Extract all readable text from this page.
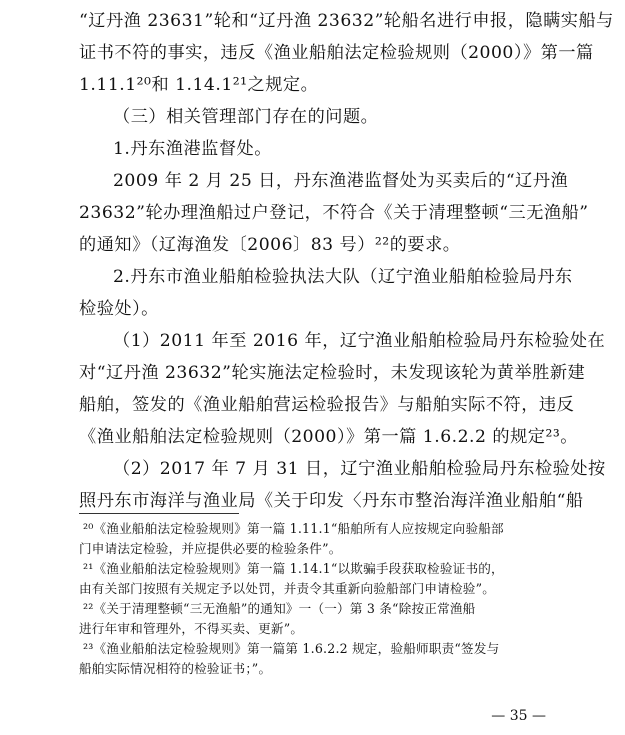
“辽丹渔 23631”轮和“辽丹渔 23632”轮船名进行申报，隐瞒实船与
证书不符的事实，违反《渔业船舶法定检验规则（2000）》第一篇
1.11.1²⁰和 1.14.1²¹之规定。
（三）相关管理部门存在的问题。
1.丹东渔港监督处。
2009 年 2 月 25 日，丹东渔港监督处为买卖后的“辽丹渔
23632”轮办理渔船过户登记，不符合《关于清理整顿“三无渔船”
的通知》（辽海渔发〔2006〕83 号）²²的要求。
2.丹东市渔业船舶检验执法大队（辽宁渔业船舶检验局丹东
检验处）。
（1）2011 年至 2016 年，辽宁渔业船舶检验局丹东检验处在
对“辽丹渔 23632”轮实施法定检验时，未发现该轮为黄举胜新建
船舶，签发的《渔业船舶营运检验报告》与船舶实际不符，违反
《渔业船舶法定检验规则（2000）》第一篇 1.6.2.2 的规定²³。
（2）2017 年 7 月 31 日，辽宁渔业船舶检验局丹东检验处按
照丹东市海洋与渔业局《关于印发〈丹东市整治海洋渔业船舶“船
²⁰《渔业船舶法定检验规则》第一篇 1.11.1“船舶所有人应按规定向验船部
门申请法定检验，并应提供必要的检验条件”。
²¹《渔业船舶法定检验规则》第一篇 1.14.1“以欺骗手段获取检验证书的，
由有关部门按照有关规定予以处罚，并责令其重新向验船部门申请检验”。
²²《关于清理整顿“三无渔船”的通知》一（一）第 3 条“除按正常渔船
进行年审和管理外，不得买卖、更新”。
²³《渔业船舶法定检验规则》第一篇第 1.6.2.2 规定，验船师职责“签发与
船舶实际情况相符的检验证书；”。
— 35 —
